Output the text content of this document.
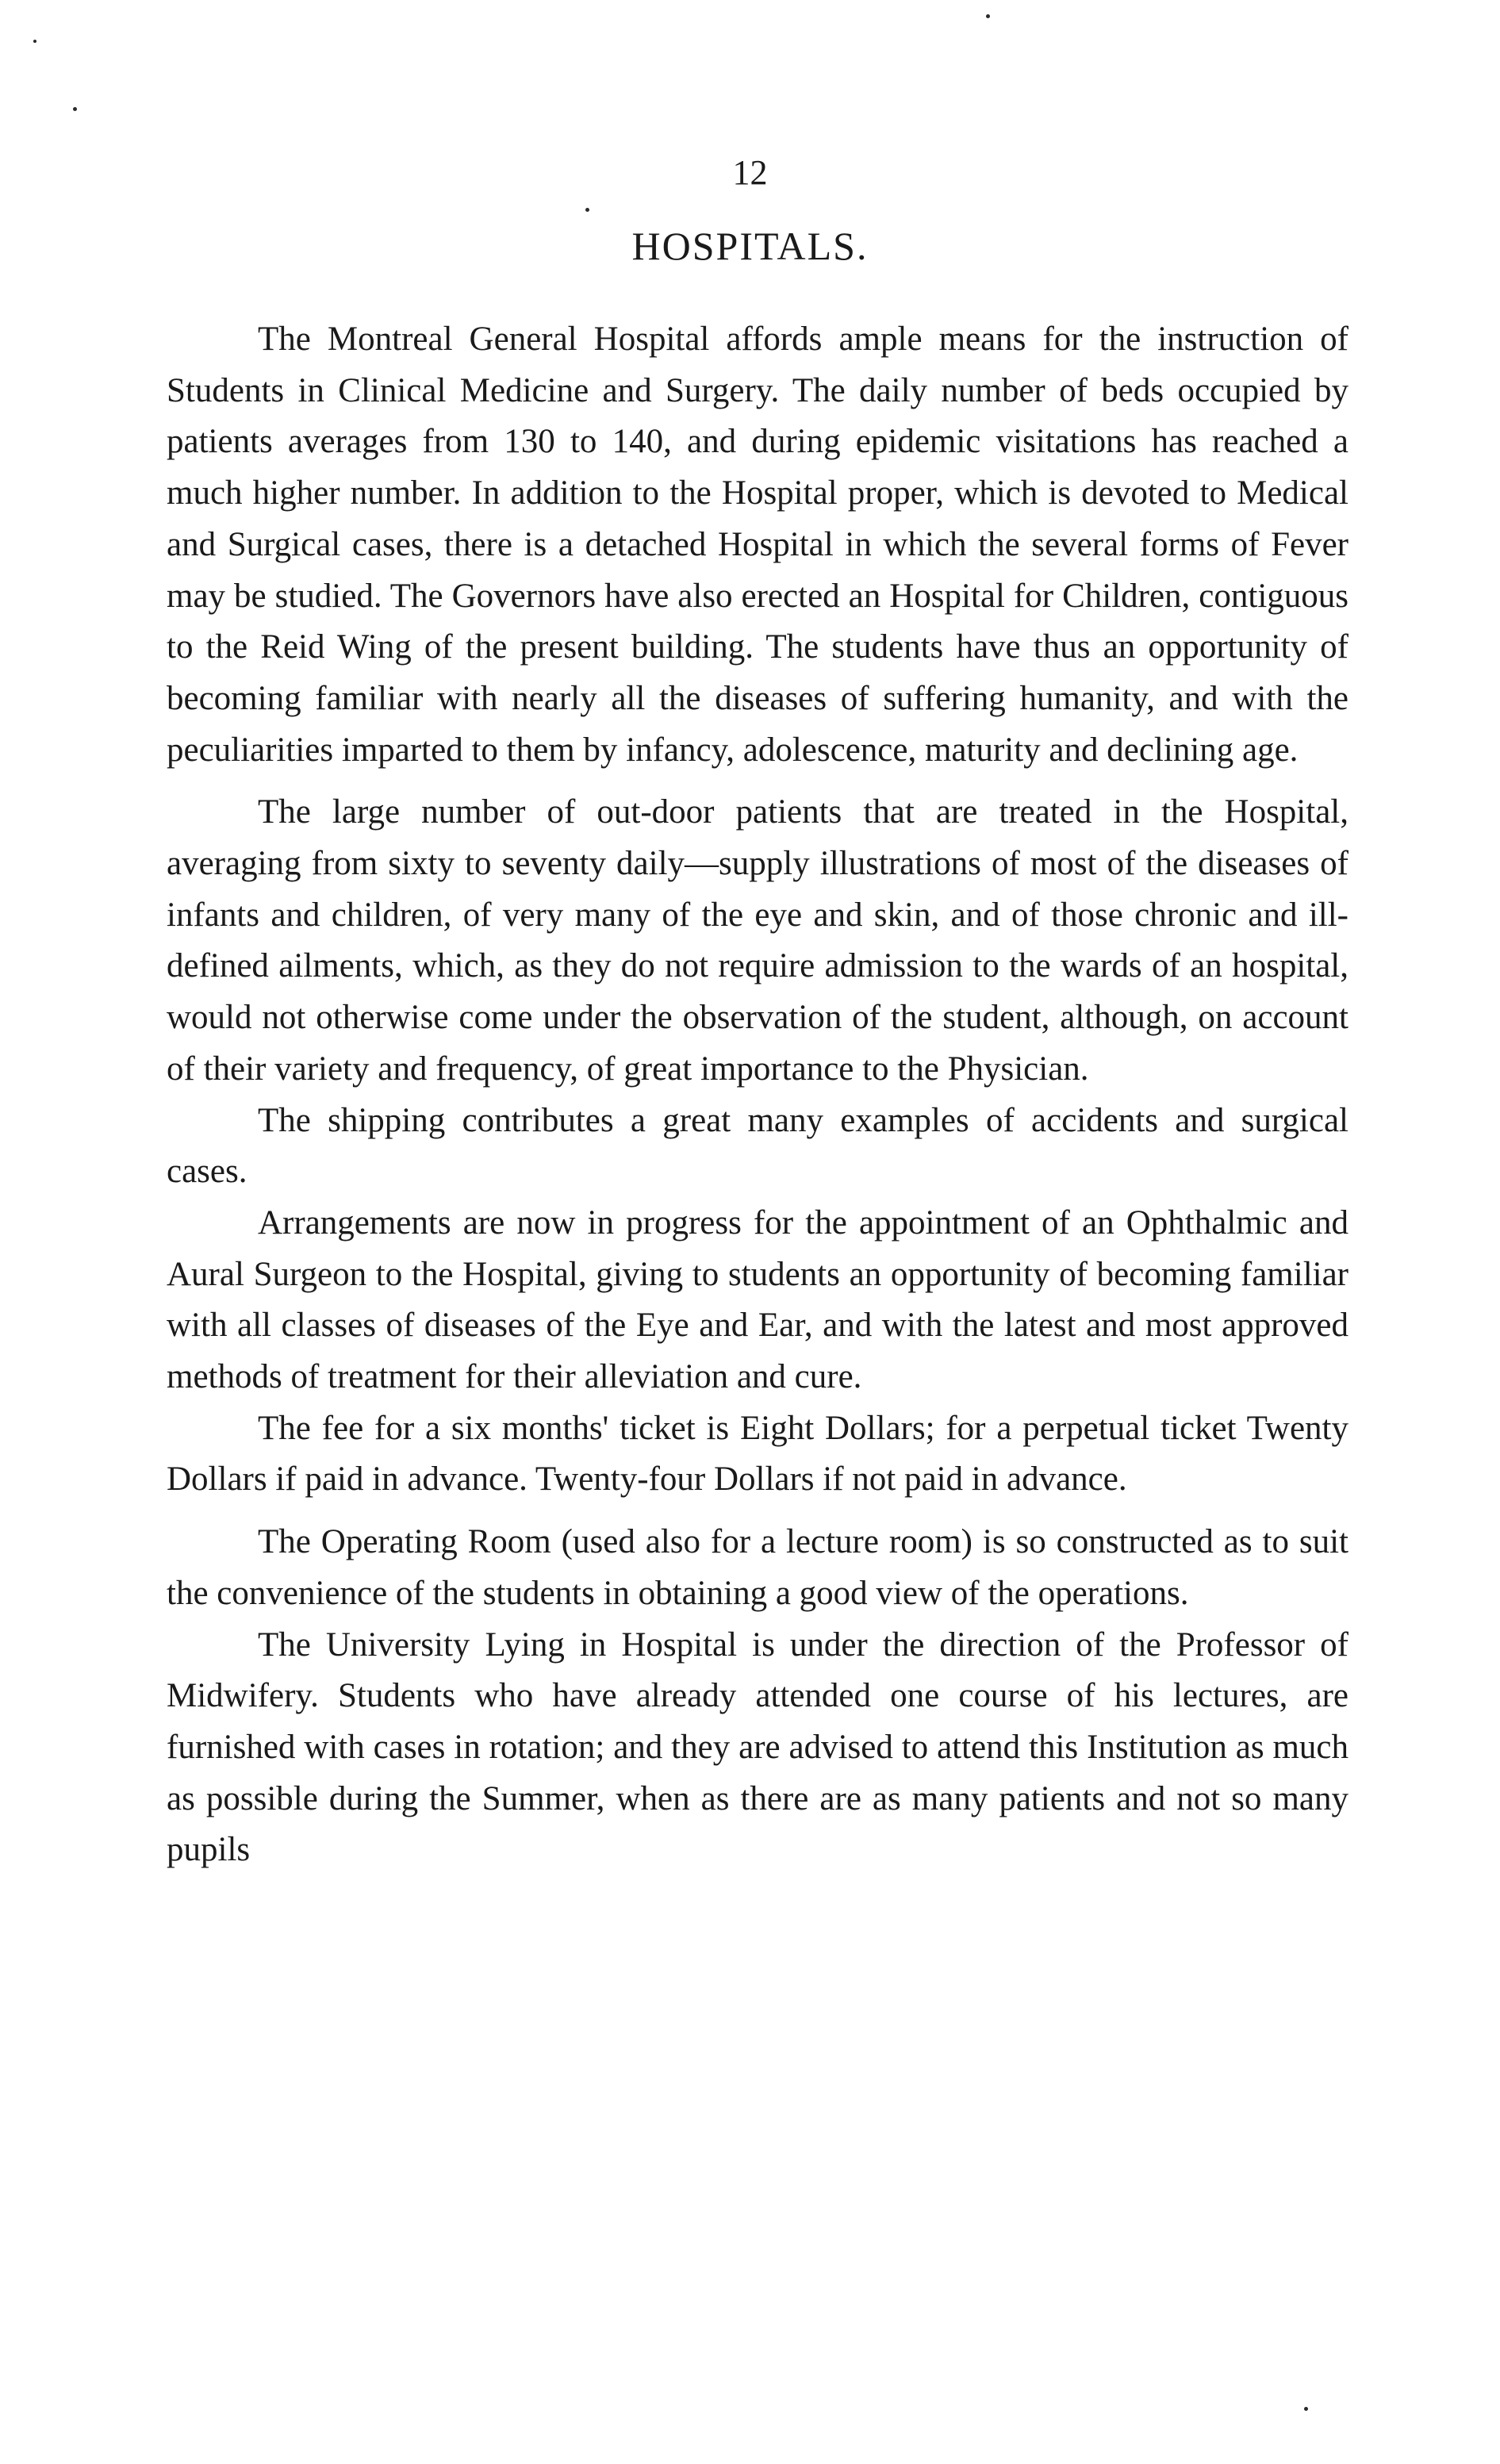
12
HOSPITALS.

The Montreal General Hospital affords ample means for the instruction of Students in Clinical Medicine and Surgery. The daily number of beds occupied by patients averages from 130 to 140, and during epidemic visitations has reached a much higher number. In addition to the Hospital proper, which is devoted to Medical and Surgical cases, there is a detached Hospital in which the several forms of Fever may be studied. The Governors have also erected an Hospital for Children, contiguous to the Reid Wing of the present building. The students have thus an opportunity of becoming familiar with nearly all the diseases of suffering humanity, and with the peculiarities imparted to them by infancy, adolescence, maturity and declining age.

The large number of out-door patients that are treated in the Hospital, averaging from sixty to seventy daily—supply illustrations of most of the diseases of infants and children, of very many of the eye and skin, and of those chronic and ill-defined ailments, which, as they do not require admission to the wards of an hospital, would not otherwise come under the observation of the student, although, on account of their variety and frequency, of great importance to the Physician.

The shipping contributes a great many examples of accidents and surgical cases.

Arrangements are now in progress for the appointment of an Ophthalmic and Aural Surgeon to the Hospital, giving to students an opportunity of becoming familiar with all classes of diseases of the Eye and Ear, and with the latest and most approved methods of treatment for their alleviation and cure.

The fee for a six months' ticket is Eight Dollars; for a perpetual ticket Twenty Dollars if paid in advance. Twenty-four Dollars if not paid in advance.

The Operating Room (used also for a lecture room) is so constructed as to suit the convenience of the students in obtaining a good view of the operations.

The University Lying in Hospital is under the direction of the Professor of Midwifery. Students who have already attended one course of his lectures, are furnished with cases in rotation; and they are advised to attend this Institution as much as possible during the Summer, when as there are as many patients and not so many pupils
